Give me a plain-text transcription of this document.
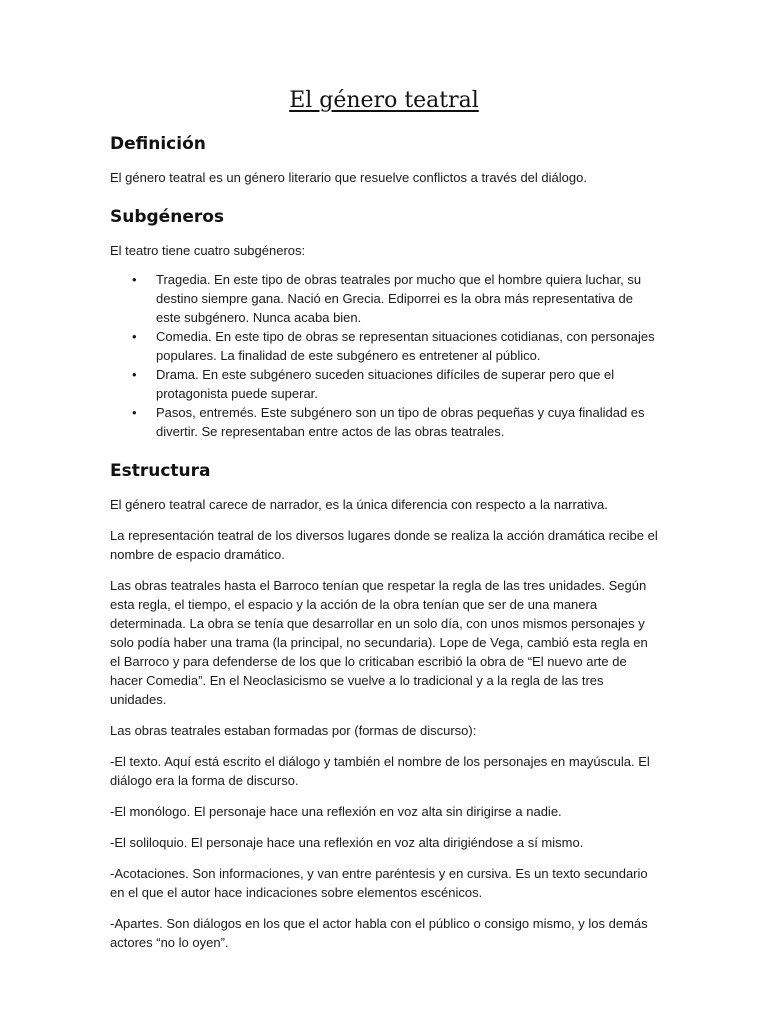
El género teatral
Definición

El género teatral es un género literario que resuelve conflictos a través del diálogo.

Subgéneros

El teatro tiene cuatro subgéneros:

• Tragedia. En este tipo de obras teatrales por mucho que el hombre quiera luchar, su destino siempre gana. Nació en Grecia. Ediporrei es la obra más representativa de este subgénero. Nunca acaba bien.
• Comedia. En este tipo de obras se representan situaciones cotidianas, con personajes populares. La finalidad de este subgénero es entretener al público.
• Drama. En este subgénero suceden situaciones difíciles de superar pero que el protagonista puede superar.
• Pasos, entremés. Este subgénero son un tipo de obras pequeñas y cuya finalidad es divertir. Se representaban entre actos de las obras teatrales.
Estructura

El género teatral carece de narrador, es la única diferencia con respecto a la narrativa.

La representación teatral de los diversos lugares donde se realiza la acción dramática recibe el nombre de espacio dramático.

Las obras teatrales hasta el Barroco tenían que respetar la regla de las tres unidades. Según esta regla, el tiempo, el espacio y la acción de la obra tenían que ser de una manera determinada. La obra se tenía que desarrollar en un solo día, con unos mismos personajes y solo podía haber una trama (la principal, no secundaria). Lope de Vega, cambió esta regla en el Barroco y para defenderse de los que lo criticaban escribió la obra de “El nuevo arte de hacer Comedia”. En el Neoclasicismo se vuelve a lo tradicional y a la regla de las tres unidades.

Las obras teatrales estaban formadas por (formas de discurso):

-El texto. Aquí está escrito el diálogo y también el nombre de los personajes en mayúscula. El diálogo era la forma de discurso.

-El monólogo. El personaje hace una reflexión en voz alta sin dirigirse a nadie.

-El soliloquio. El personaje hace una reflexión en voz alta dirigiéndose a sí mismo.

-Acotaciones. Son informaciones, y van entre paréntesis y en cursiva. Es un texto secundario en el que el autor hace indicaciones sobre elementos escénicos.

-Apartes. Son diálogos en los que el actor habla con el público o consigo mismo, y los demás actores “no lo oyen”.
